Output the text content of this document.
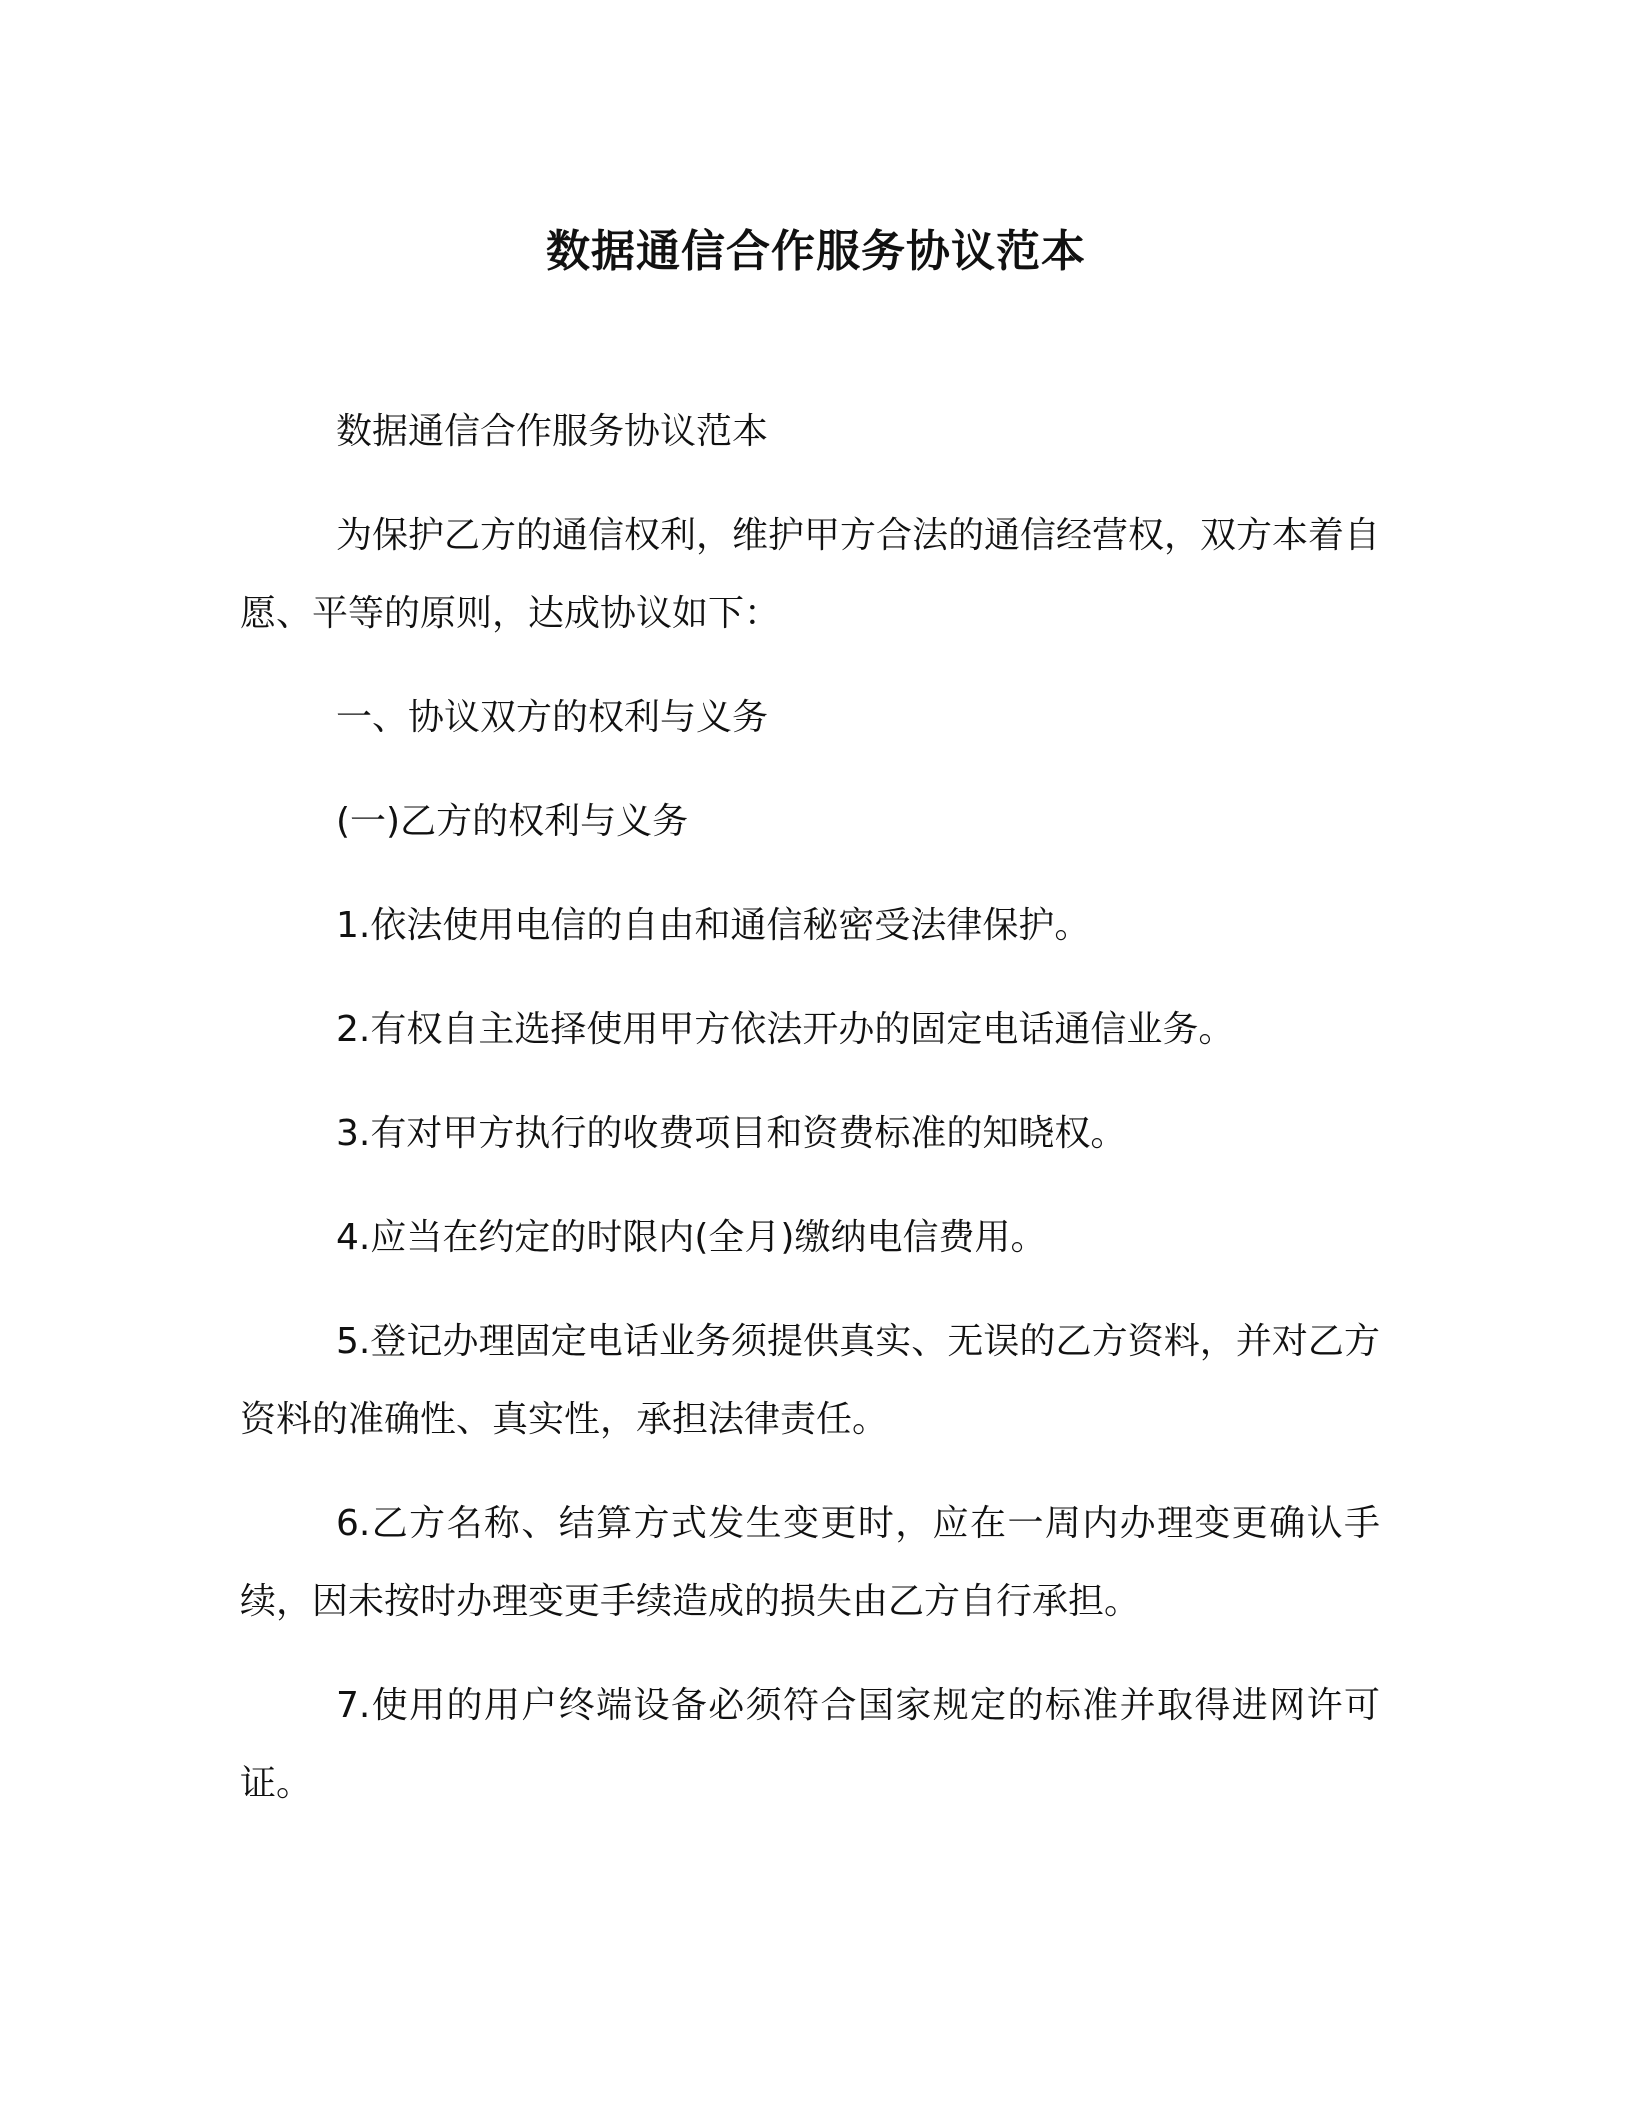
数据通信合作服务协议范本

数据通信合作服务协议范本

为保护乙方的通信权利，维护甲方合法的通信经营权，双方本着自愿、平等的原则，达成协议如下：

一、协议双方的权利与义务

(一)乙方的权利与义务

1.依法使用电信的自由和通信秘密受法律保护。

2.有权自主选择使用甲方依法开办的固定电话通信业务。

3.有对甲方执行的收费项目和资费标准的知晓权。

4.应当在约定的时限内(全月)缴纳电信费用。

5.登记办理固定电话业务须提供真实、无误的乙方资料，并对乙方资料的准确性、真实性，承担法律责任。

6.乙方名称、结算方式发生变更时，应在一周内办理变更确认手续，因未按时办理变更手续造成的损失由乙方自行承担。

7.使用的用户终端设备必须符合国家规定的标准并取得进网许可证。
